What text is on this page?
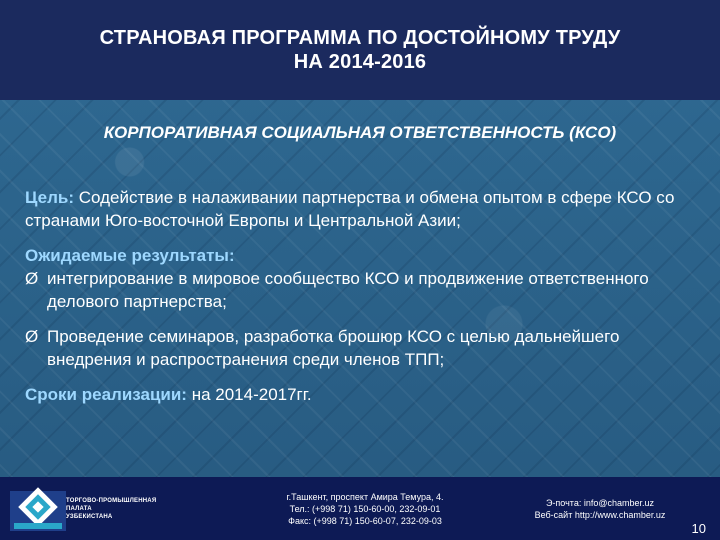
СТРАНОВАЯ ПРОГРАММА ПО ДОСТОЙНОМУ ТРУДУ
НА 2014-2016
КОРПОРАТИВНАЯ СОЦИАЛЬНАЯ ОТВЕТСТВЕННОСТЬ (КСО)

Цель: Содействие в налаживании партнерства и обмена опытом в сфере КСО со странами Юго-восточной Европы и Центральной Азии;

Ожидаемые результаты:
Ø интегрирование в мировое сообщество КСО и продвижение ответственного делового партнерства;
Ø Проведение семинаров, разработка брошюр КСО с целью дальнейшего внедрения и распространения среди членов ТПП;

Сроки реализации: на 2014-2017гг.

ТОРГОВО-ПРОМЫШЛЕННАЯ
ПАЛАТА
УЗБЕКИСТАНА
г.Ташкент, проспект Амира Темура, 4.
Тел.: (+998 71) 150-60-00, 232-09-01
Факс: (+998 71) 150-60-07, 232-09-03
Э-почта: info@chamber.uz
Веб-сайт http://www.chamber.uz
10
